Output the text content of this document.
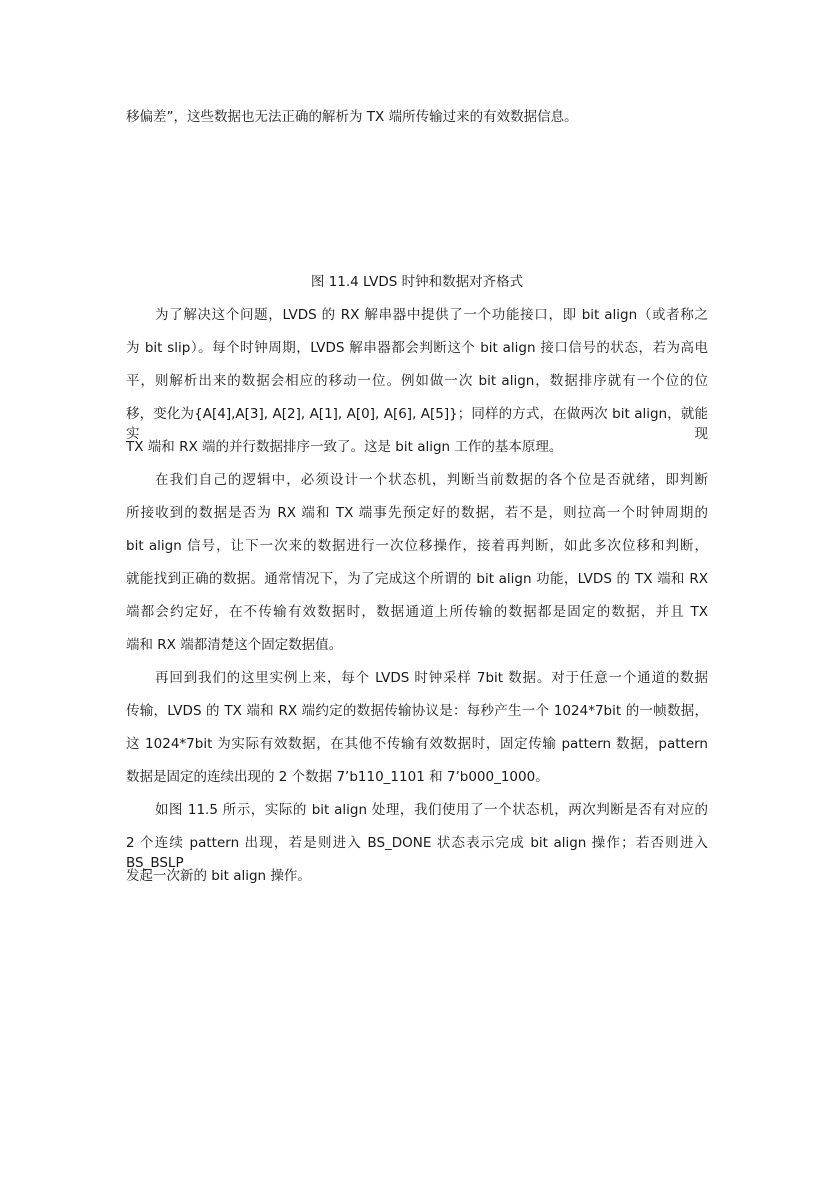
移偏差”，这些数据也无法正确的解析为 TX 端所传输过来的有效数据信息。
图 11.4 LVDS 时钟和数据对齐格式
为了解决这个问题，LVDS 的 RX 解串器中提供了一个功能接口，即 bit align（或者称之
为 bit slip）。每个时钟周期，LVDS 解串器都会判断这个 bit align 接口信号的状态，若为高电
平，则解析出来的数据会相应的移动一位。例如做一次 bit align，数据排序就有一个位的位
移，变化为{A[4],A[3], A[2], A[1], A[0], A[6], A[5]}；同样的方式，在做两次 bit align，就能实现
TX 端和 RX 端的并行数据排序一致了。这是 bit align 工作的基本原理。
在我们自己的逻辑中，必须设计一个状态机，判断当前数据的各个位是否就绪，即判断
所接收到的数据是否为 RX 端和 TX 端事先预定好的数据，若不是，则拉高一个时钟周期的
bit align 信号，让下一次来的数据进行一次位移操作，接着再判断，如此多次位移和判断，
就能找到正确的数据。通常情况下，为了完成这个所谓的 bit align 功能，LVDS 的 TX 端和 RX
端都会约定好，在不传输有效数据时，数据通道上所传输的数据都是固定的数据，并且 TX
端和 RX 端都清楚这个固定数据值。
再回到我们的这里实例上来，每个 LVDS 时钟采样 7bit 数据。对于任意一个通道的数据
传输，LVDS 的 TX 端和 RX 端约定的数据传输协议是：每秒产生一个 1024*7bit 的一帧数据，
这 1024*7bit 为实际有效数据，在其他不传输有效数据时，固定传输 pattern 数据，pattern
数据是固定的连续出现的 2 个数据 7’b110_1101 和 7’b000_1000。
如图 11.5 所示，实际的 bit align 处理，我们使用了一个状态机，两次判断是否有对应的
2 个连续 pattern 出现，若是则进入 BS_DONE 状态表示完成 bit align 操作；若否则进入 BS_BSLP
发起一次新的 bit align 操作。
